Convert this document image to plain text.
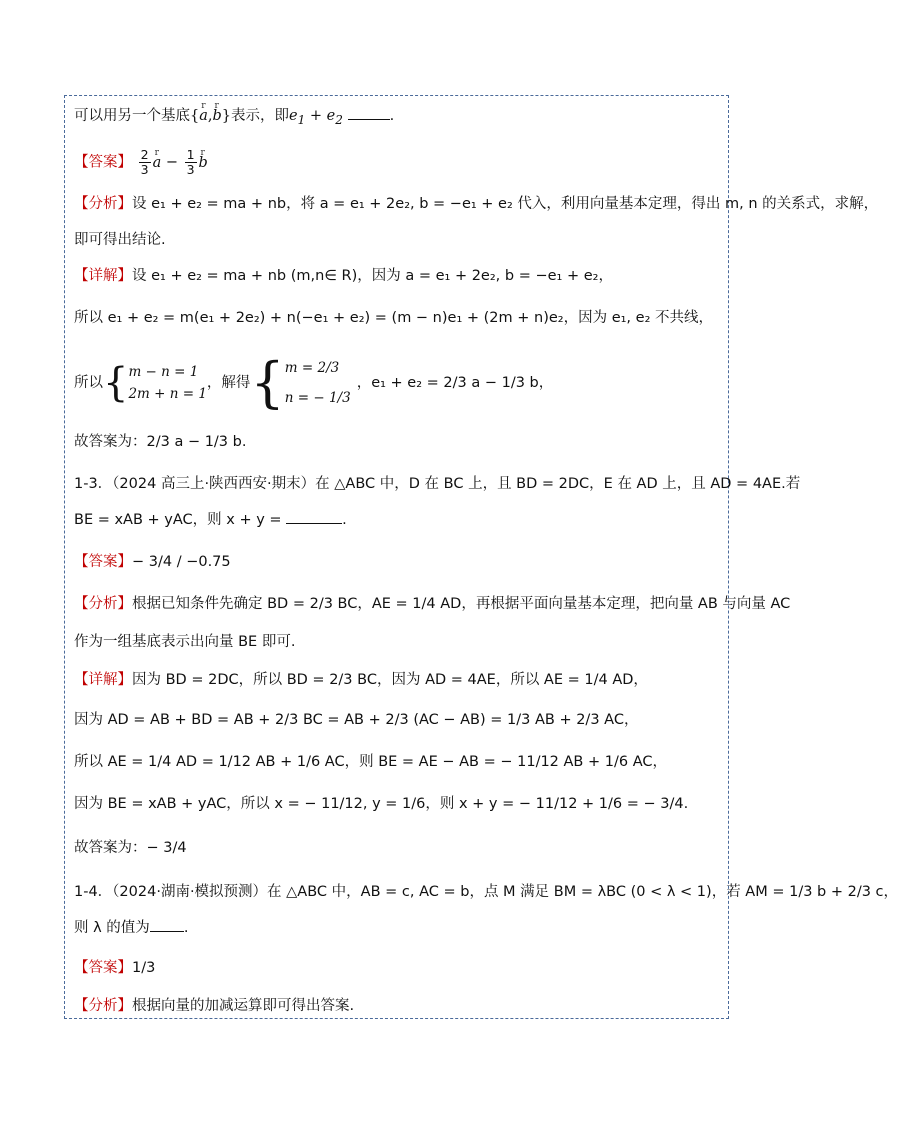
可以用另一个基底{r a,r b}表示，即$e_1 + e_2$	.
【答案】 $\frac{2}{3}$ r $a - \frac{1}{3}$ r b
【分析】设 e₁ + e₂ = ma + nb，将 a = e₁ + 2e₂, b = −e₁ + e₂ 代入，利用向量基本定理，得出 m, n 的关系式，求解，
即可得出结论.
【详解】设 e₁ + e₂ = ma + nb (m,n∈ R)，因为 a = e₁ + 2e₂, b = −e₁ + e₂，
所以 e₁ + e₂ = m(e₁ + 2e₂) + n(−e₁ + e₂) = (m − n)e₁ + (2m + n)e₂，因为 e₁, e₂ 不共线，
所以 { m − n = 1
2m + n = 1
，解得 { m = 2/3
n = − 1/3
，e₁ + e₂ = 2/3 a − 1/3 b，
故答案为：2/3 a − 1/3 b.
1-3．（2024 高三上·陕西西安·期末）在 △ABC 中，D 在 BC 上，且 BD = 2DC，E 在 AD 上，且 AD = 4AE.若
BE = xAB + yAC，则 x + y =	.
【答案】− 3/4 / −0.75
【分析】根据已知条件先确定 BD = 2/3 BC，AE = 1/4 AD，再根据平面向量基本定理，把向量 AB 与向量 AC
作为一组基底表示出向量 BE 即可.
【详解】因为 BD = 2DC，所以 BD = 2/3 BC，因为 AD = 4AE，所以 AE = 1/4 AD，
因为 AD = AB + BD = AB + 2/3 BC = AB + 2/3 (AC − AB) = 1/3 AB + 2/3 AC，
所以 AE = 1/4 AD = 1/12 AB + 1/6 AC，则 BE = AE − AB = − 11/12 AB + 1/6 AC，
因为 BE = xAB + yAC，所以 x = − 11/12, y = 1/6，则 x + y = − 11/12 + 1/6 = − 3/4.
故答案为：− 3/4
1-4．（2024·湖南·模拟预测）在 △ABC 中，AB = c, AC = b，点 M 满足 BM = λBC (0 < λ < 1)，若 AM = 1/3 b + 2/3 c，
则 λ 的值为 .
【答案】1/3
【分析】根据向量的加减运算即可得出答案.
